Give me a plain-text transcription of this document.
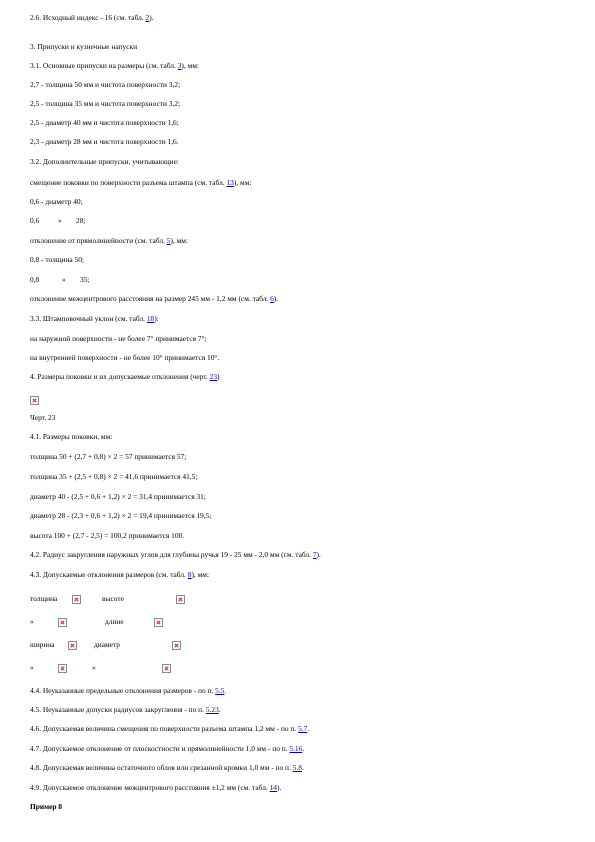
2.6. Исходный индекс - 16 (см. табл. 2).
3. Припуски и кузнечные напуски
3.1. Основные припуски на размеры (см. табл. 3), мм:
2,7 - толщина 50 мм и чистота поверхности 3,2;
2,5 - толщина 35 мм и чистота поверхности 3,2;
2,5 - диаметр 40 мм и чистота поверхности 1,6;
2,3 - диаметр 28 мм и чистота поверхности 1,6.
3.2. Дополнительные припуски, учитывающие:
смещение поковки по поверхности разъема штампа (см. табл. 13), мм:
0,6 - диаметр 40;
0,6	» 28;
отклонение от прямолинейности (см. табл. 5), мм:
0,8 - толщина 50;
0,8	» 35;
отклонение межцентрового расстояния на размер 245 мм - 1,2 мм (см. табл. 6).
3.3. Штамповочный уклон (см. табл. 18):
на наружной поверхности - не более 7° принимается 7°;
на внутренней поверхности - не более 10° принимается 10°.
4. Размеры поковки и их допускаемые отклонения (черт. 23)
Черт. 23
4.1. Размеры поковки, мм:
толщина 50 + (2,7 + 0,8) × 2 = 57 принимается 57;
толщина 35 + (2,5 + 0,8) × 2 = 41,6 принимается 41,5;
диаметр 40 - (2,5 + 0,6 + 1,2) × 2 = 31,4 принимается 31;
диаметр 28 - (2,3 + 0,6 + 1,2) × 2 = 19,4 принимается 19,5;
высота 100 + (2,7 - 2,5) = 100,2 принимается 100.
4.2. Радиус закругления наружных углов для глубины ручья 19 - 25 мм - 2,0 мм (см. табл. 7).
4.3. Допускаемые отклонения размеров (см. табл. 8), мм:
толщина	высоте
»	длине
ширина	диаметр
»	»
4.4. Неуказанные предельные отклонения размеров - по п. 5.5.
4.5. Неуказанные допуски радиусов закругления - по п. 5.23.
4.6. Допускаемая величина смещения по поверхности разъема штампа 1,2 мм - по п. 5.7.
4.7. Допускаемое отклонение от плоскостности и прямолинейности 1,0 мм - по п. 5.16.
4.8. Допускаемая величина остаточного облоя или срезанной кромки 1,0 мм - по п. 5.8.
4.9. Допускаемое отклонение межцентрового расстояния ±1,2 мм (см. табл. 14).
Пример 8
